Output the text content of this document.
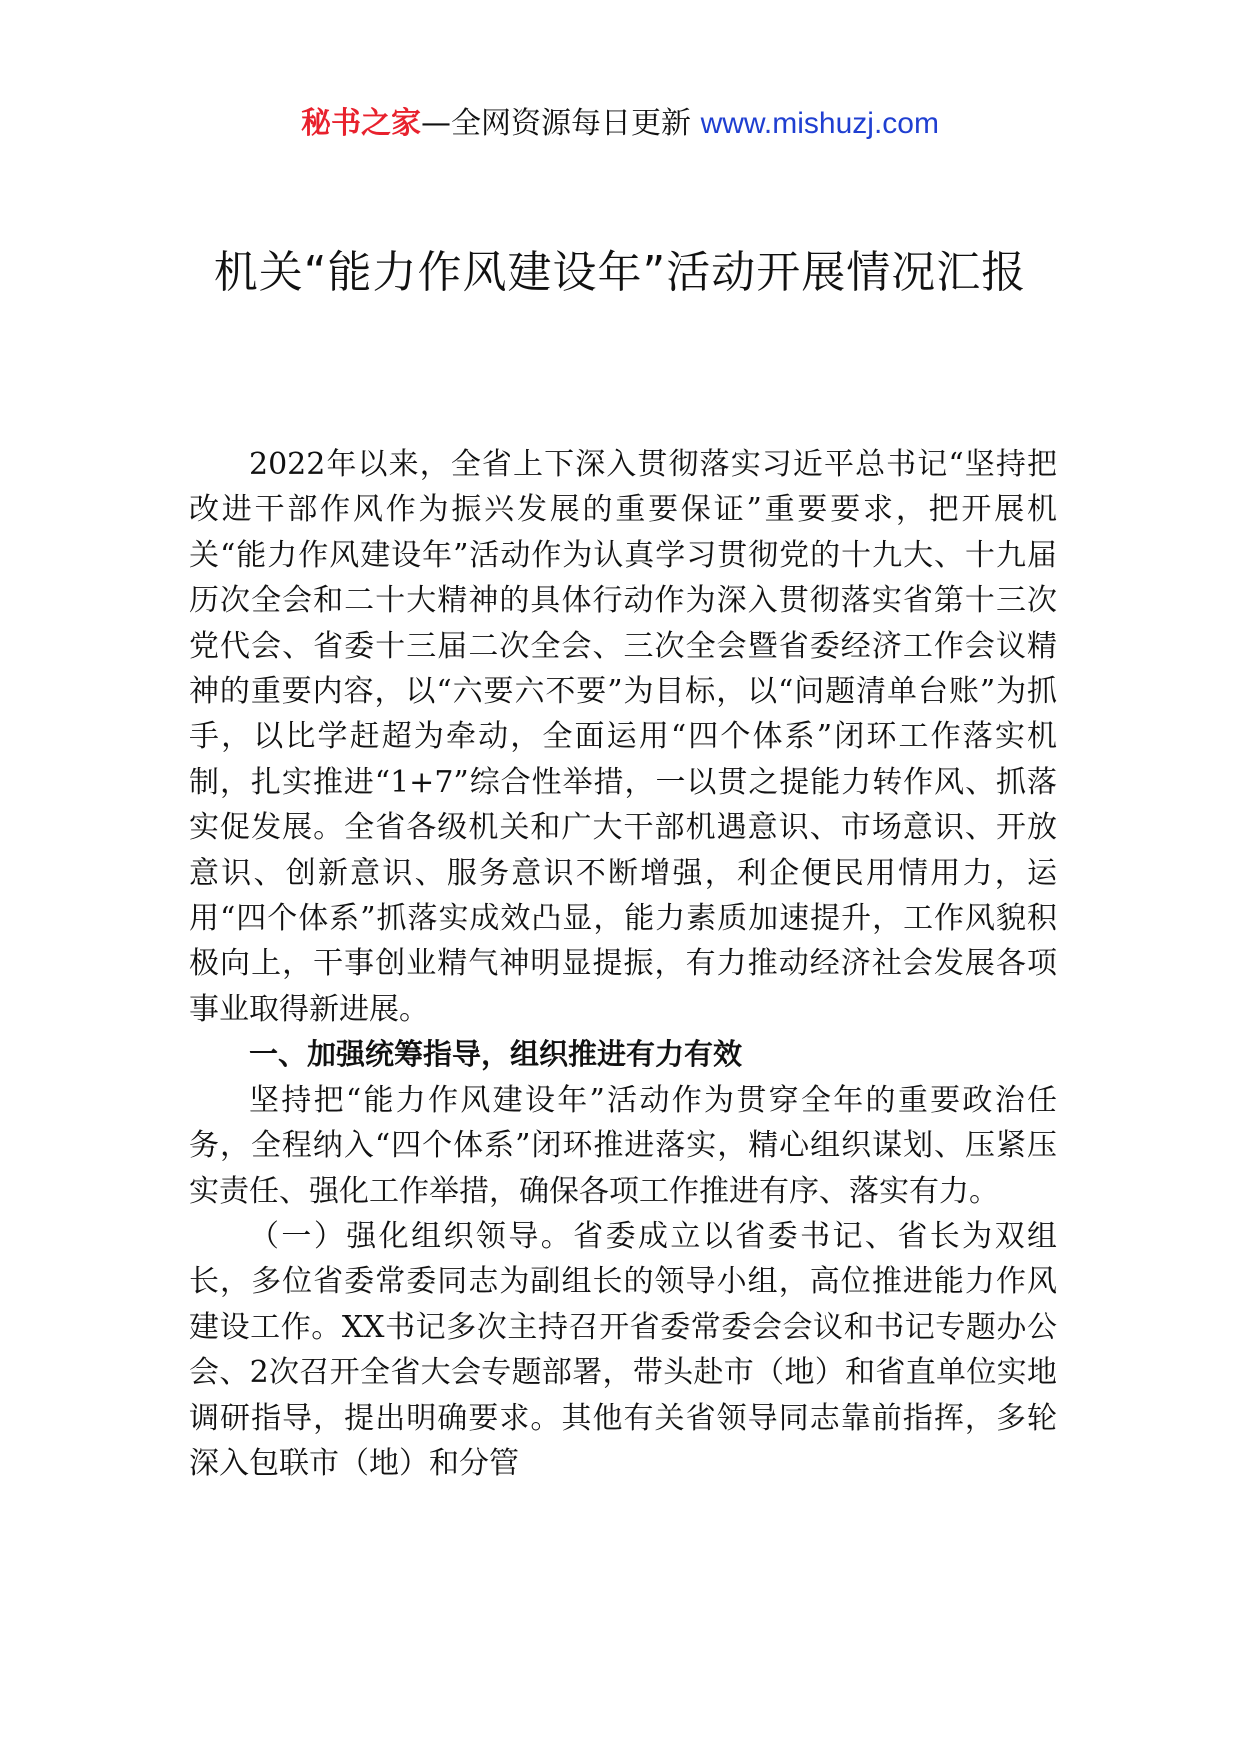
秘书之家—全网资源每日更新 www.mishuzj.com
机关“能力作风建设年”活动开展情况汇报

2022年以来，全省上下深入贯彻落实习近平总书记“坚持把改进干部作风作为振兴发展的重要保证”重要要求，把开展机关“能力作风建设年”活动作为认真学习贯彻党的十九大、十九届历次全会和二十大精神的具体行动作为深入贯彻落实省第十三次党代会、省委十三届二次全会、三次全会暨省委经济工作会议精神的重要内容，以“六要六不要”为目标，以“问题清单台账”为抓手，以比学赶超为牵动，全面运用“四个体系”闭环工作落实机制，扎实推进“1+7”综合性举措，一以贯之提能力转作风、抓落实促发展。全省各级机关和广大干部机遇意识、市场意识、开放意识、创新意识、服务意识不断增强，利企便民用情用力，运用“四个体系”抓落实成效凸显，能力素质加速提升，工作风貌积极向上，干事创业精气神明显提振，有力推动经济社会发展各项事业取得新进展。

一、加强统筹指导，组织推进有力有效

坚持把“能力作风建设年”活动作为贯穿全年的重要政治任务，全程纳入“四个体系”闭环推进落实，精心组织谋划、压紧压实责任、强化工作举措，确保各项工作推进有序、落实有力。

（一）强化组织领导。省委成立以省委书记、省长为双组长，多位省委常委同志为副组长的领导小组，高位推进能力作风建设工作。XX书记多次主持召开省委常委会会议和书记专题办公会、2次召开全省大会专题部署，带头赴市（地）和省直单位实地调研指导，提出明确要求。其他有关省领导同志靠前指挥，多轮深入包联市（地）和分管
